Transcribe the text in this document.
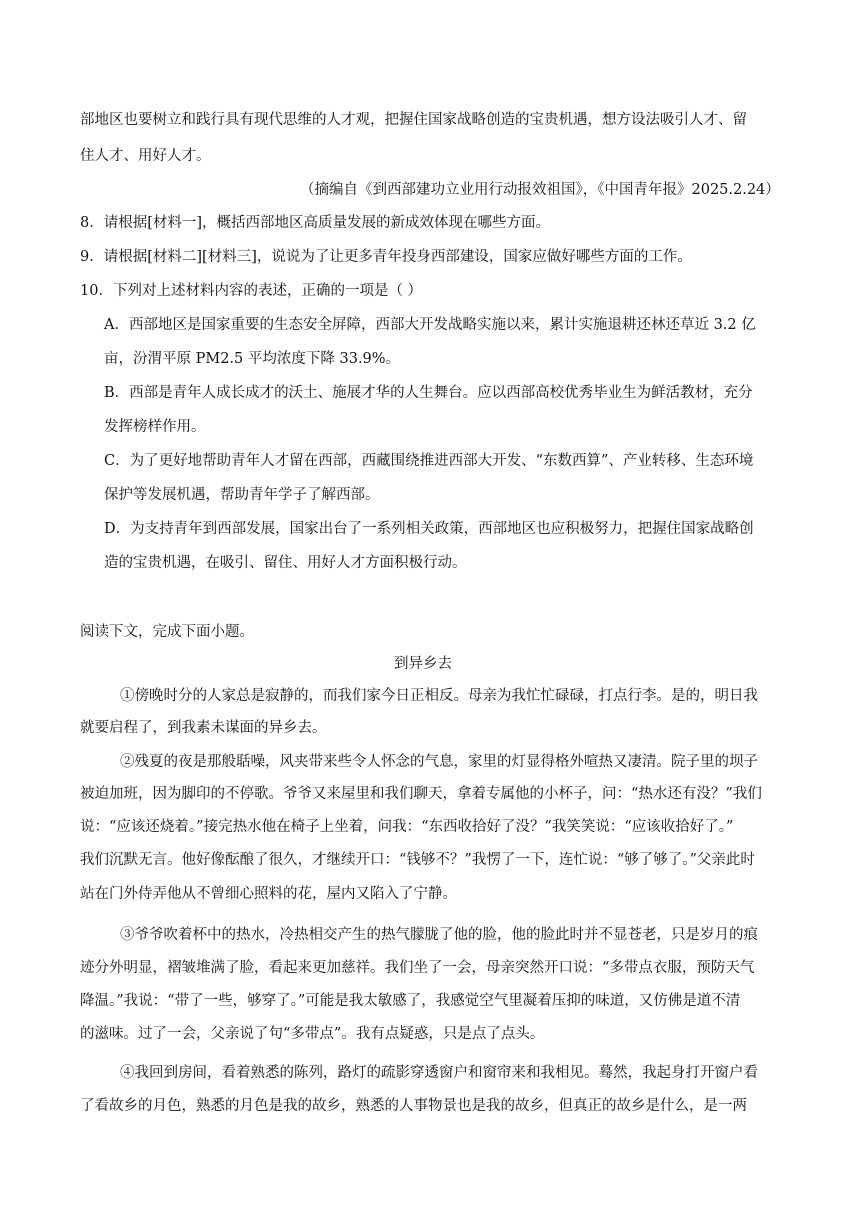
部地区也要树立和践行具有现代思维的人才观，把握住国家战略创造的宝贵机遇，想方设法吸引人才、留
住人才、用好人才。
（摘编自《到西部建功立业用行动报效祖国》，《中国青年报》2025.2.24）
8．请根据[材料一]，概括西部地区高质量发展的新成效体现在哪些方面。
9．请根据[材料二][材料三]，说说为了让更多青年投身西部建设，国家应做好哪些方面的工作。
10．下列对上述材料内容的表述，正确的一项是（ ）
A．西部地区是国家重要的生态安全屏障，西部大开发战略实施以来，累计实施退耕还林还草近 3.2 亿
亩，汾渭平原 PM2.5 平均浓度下降 33.9%。
B．西部是青年人成长成才的沃土、施展才华的人生舞台。应以西部高校优秀毕业生为鲜活教材，充分
发挥榜样作用。
C．为了更好地帮助青年人才留在西部，西藏围绕推进西部大开发、“东数西算”、产业转移、生态环境
保护等发展机遇，帮助青年学子了解西部。
D．为支持青年到西部发展，国家出台了一系列相关政策，西部地区也应积极努力，把握住国家战略创
造的宝贵机遇，在吸引、留住、用好人才方面积极行动。
阅读下文，完成下面小题。
到异乡去
①傍晚时分的人家总是寂静的，而我们家今日正相反。母亲为我忙忙碌碌，打点行李。是的，明日我
就要启程了，到我素未谋面的异乡去。
②残夏的夜是那般聒噪，风夹带来些令人怀念的气息，家里的灯显得格外喧热又凄清。院子里的坝子
被迫加班，因为脚印的不停歌。爷爷又来屋里和我们聊天，拿着专属他的小杯子，问：“热水还有没？”我们
说：“应该还烧着。”接完热水他在椅子上坐着，问我：“东西收拾好了没？”我笑笑说：“应该收拾好了。”
我们沉默无言。他好像酝酿了很久，才继续开口：“钱够不？”我愣了一下，连忙说：“够了够了。”父亲此时
站在门外侍弄他从不曾细心照料的花，屋内又陷入了宁静。
③爷爷吹着杯中的热水，冷热相交产生的热气朦胧了他的脸，他的脸此时并不显苍老，只是岁月的痕
迹分外明显，褶皱堆满了脸，看起来更加慈祥。我们坐了一会，母亲突然开口说：“多带点衣服，预防天气
降温。”我说：“带了一些，够穿了。”可能是我太敏感了，我感觉空气里凝着压抑的味道，又仿佛是道不清
的滋味。过了一会，父亲说了句“多带点”。我有点疑惑，只是点了点头。
④我回到房间，看着熟悉的陈列，路灯的疏影穿透窗户和窗帘来和我相见。蓦然，我起身打开窗户看
了看故乡的月色，熟悉的月色是我的故乡，熟悉的人事物景也是我的故乡，但真正的故乡是什么，是一两
